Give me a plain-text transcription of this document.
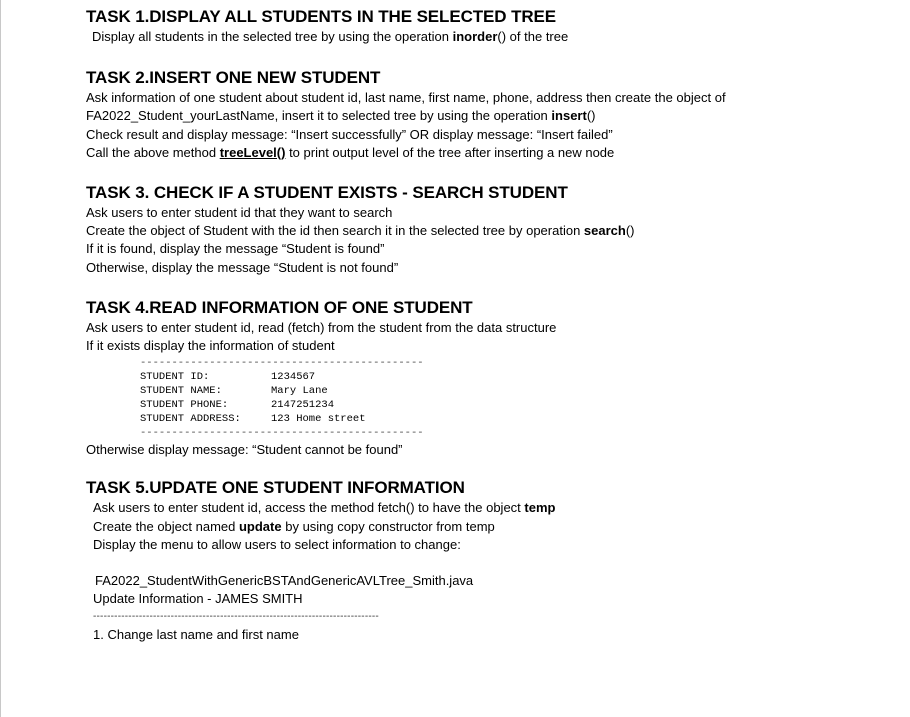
TASK 1.DISPLAY ALL STUDENTS IN THE SELECTED TREE
Display all students in the selected tree by using the operation inorder() of the tree
TASK 2.INSERT ONE NEW STUDENT
Ask information of one student about student id, last name, first name, phone, address then create the object of
FA2022_Student_yourLastName, insert it to selected tree by using the operation insert()
Check result and display message: “Insert successfully” OR display message: “Insert failed”
Call the above method treeLevel() to print output level of the tree after inserting a new node
TASK 3. CHECK IF A STUDENT EXISTS - SEARCH STUDENT
Ask users to enter student id that they want to search
Create the object of Student with the id then search it in the selected tree by operation search()
If it is found, display the message “Student is found”
Otherwise, display the message “Student is not found”
TASK 4.READ INFORMATION OF ONE STUDENT
Ask users to enter student id, read (fetch) from the student from the data structure
If it exists display the information of student
---------------------------------------------
STUDENT ID:	1234567
STUDENT NAME:	Mary Lane
STUDENT PHONE:	2147251234
STUDENT ADDRESS:	123 Home street
---------------------------------------------
Otherwise display message: “Student cannot be found”
TASK 5.UPDATE ONE STUDENT INFORMATION
Ask users to enter student id, access the method fetch() to have the object temp
Create the object named update by using copy constructor from temp
Display the menu to allow users to select information to change:
FA2022_StudentWithGenericBSTAndGenericAVLTree_Smith.java
Update Information - JAMES SMITH
---------------------------------------------------------------------------------
1. Change last name and first name
